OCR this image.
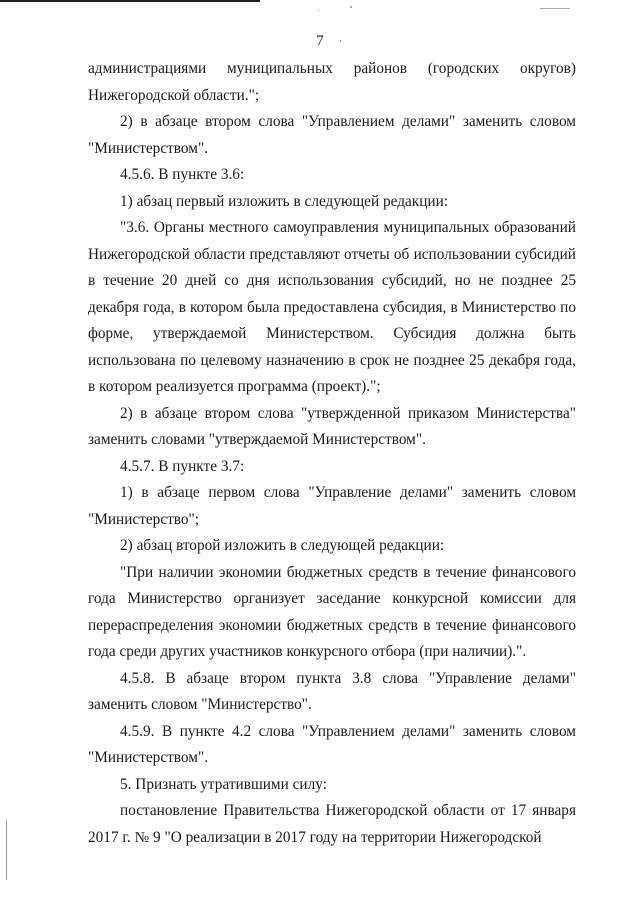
7

администрациями муниципальных районов (городских округов) Нижегородской области.";

2) в абзаце втором слова "Управлением делами" заменить словом "Министерством".

4.5.6. В пункте 3.6:

1) абзац первый изложить в следующей редакции:

"3.6. Органы местного самоуправления муниципальных образований Нижегородской области представляют отчеты об использовании субсидий в течение 20 дней со дня использования субсидий, но не позднее 25 декабря года, в котором была предоставлена субсидия, в Министерство по форме, утверждаемой Министерством. Субсидия должна быть использована по целевому назначению в срок не позднее 25 декабря года, в котором реализуется программа (проект).";

2) в абзаце втором слова "утвержденной приказом Министерства" заменить словами "утверждаемой Министерством".

4.5.7. В пункте 3.7:

1) в абзаце первом слова "Управление делами" заменить словом "Министерство";

2) абзац второй изложить в следующей редакции:

"При наличии экономии бюджетных средств в течение финансового года Министерство организует заседание конкурсной комиссии для перераспределения экономии бюджетных средств в течение финансового года среди других участников конкурсного отбора (при наличии).".

4.5.8. В абзаце втором пункта 3.8 слова "Управление делами" заменить словом "Министерство".

4.5.9. В пункте 4.2 слова "Управлением делами" заменить словом "Министерством".

5. Признать утратившими силу:

постановление Правительства Нижегородской области от 17 января 2017 г. № 9 "О реализации в 2017 году на территории Нижегородской
